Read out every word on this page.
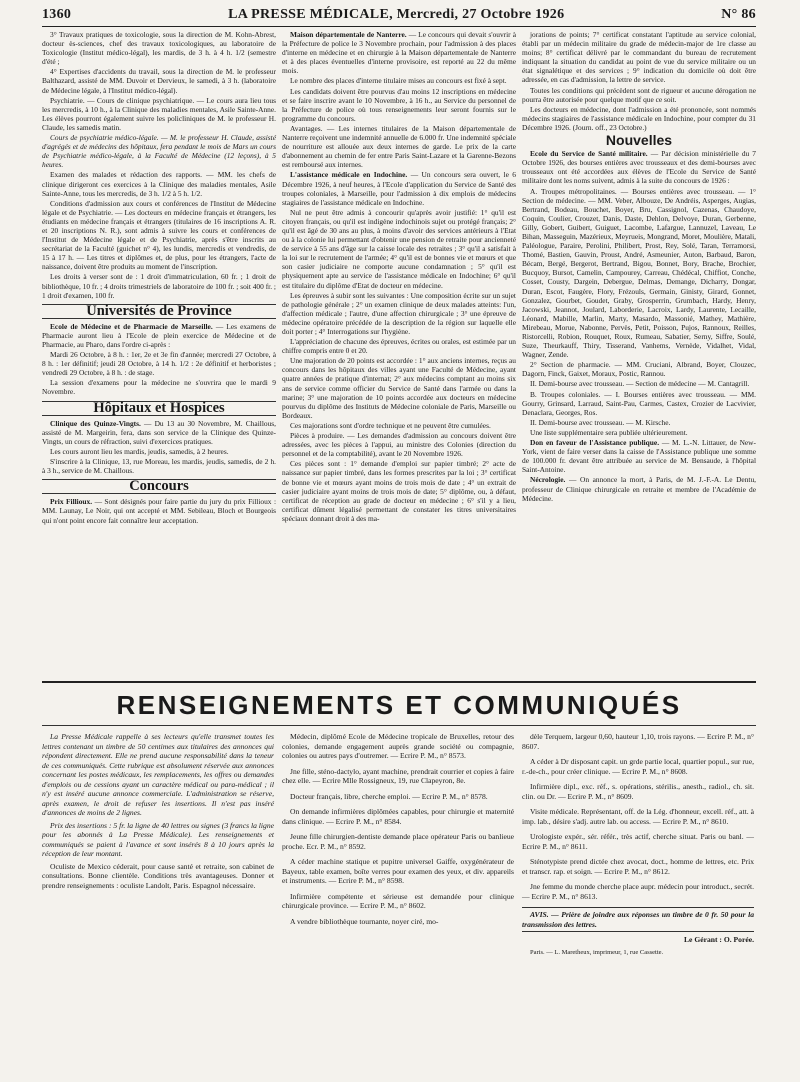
1360	LA PRESSE MÉDICALE, Mercredi, 27 Octobre 1926	N° 86

3° Travaux pratiques de toxicologie, sous la direction de M. Kohn-Abrest, docteur ès-sciences, chef des travaux toxicologiques, au laboratoire de Toxicologie (Institut médico-légal), les mardis, de 3 h. à 4 h. 1/2 (semestre d'été ;

4° Expertises d'accidents du travail, sous la direction de M. le professeur Balthazard, assisté de MM. Duvoir et Dervieux, le samedi, à 3 h. (laboratoire de Médecine légale, à l'Institut médico-légal).

Psychiatrie. — Cours de clinique psychiatrique. — Le cours aura lieu tous les mercredis, à 10 h., à la Clinique des maladies mentales, Asile Sainte-Anne. Les élèves pourront également suivre les policliniques de M. le professeur H. Claude, les samedis matin.

Cours de psychiatrie médico-légale. — M. le professeur H. Claude, assisté d'agrégés et de médecins des hôpitaux, fera pendant le mois de Mars un cours de Psychiatrie médico-légale, à la Faculté de Médecine (12 leçons), à 5 heures.

Examen des malades et rédaction des rapports. — MM. les chefs de clinique dirigeront ces exercices à la Clinique des maladies mentales, Asile Sainte-Anne, tous les mercredis, de 3 h. 1/2 à 5 h. 1/2.

Conditions d'admission aux cours et conférences de l'Institut de Médecine légale et de Psychiatrie. — Les docteurs en médecine français et étrangers, les étudiants en médecine français et étrangers (titulaires de 16 inscriptions A. R. et 20 inscriptions N. R.), sont admis à suivre les cours et conférences de l'Institut de Médecine légale et de Psychiatrie, après s'être inscrits au secrétariat de la Faculté (guichet n° 4), les lundis, mercredis et vendredis, de 15 à 17 h. — Les titres et diplômes et, de plus, pour les étrangers, l'acte de naissance, doivent être produits au moment de l'inscription.

Les droits à verser sont de : 1 droit d'immatriculation, 60 fr. ; 1 droit de bibliothèque, 10 fr. ; 4 droits trimestriels de laboratoire de 100 fr. ; soit 400 fr. ; 1 droit d'examen, 100 fr.

Universités de Province

Ecole de Médecine et de Pharmacie de Marseille. — Les examens de Pharmacie auront lieu à l'Ecole de plein exercice de Médecine et de Pharmacie, au Pharo, dans l'ordre ci-après :

Mardi 26 Octobre, à 8 h. : 1er, 2e et 3e fin d'année; mercredi 27 Octobre, à 8 h. : 1er définitif; jeudi 28 Octobre, à 14 h. 1/2 : 2e définitif et herboristes ; vendredi 29 Octobre, à 8 h. : de stage.

La session d'examens pour la médecine ne s'ouvrira que le mardi 9 Novembre.

Hôpitaux et Hospices

Clinique des Quinze-Vingts. — Du 13 au 30 Novembre, M. Chaillous, assisté de M. Margeirin, fera, dans son service de la Clinique des Quinze-Vingts, un cours de réfraction, suivi d'exercices pratiques.

Les cours auront lieu les mardis, jeudis, samedis, à 2 heures.

S'inscrire à la Clinique, 13, rue Moreau, les mardis, jeudis, samedis, de 2 h. à 3 h., service de M. Chaillous.

Concours

Prix Fillioux. — Sont désignés pour faire partie du jury du prix Fillioux : MM. Launay, Le Noir, qui ont accepté et MM. Sebileau, Bloch et Bourgeois qui n'ont point encore fait connaître leur acceptation.

Maison départementale de Nanterre. — Le concours qui devait s'ouvrir à la Préfecture de police le 3 Novembre prochain, pour l'admission à des places d'interne en médecine et en chirurgie à la Maison départementale de Nanterre et à des places éventuelles d'interne provisoire, est reporté au 22 du même mois.

Le nombre des places d'interne titulaire mises au concours est fixé à sept.

Les candidats doivent être pourvus d'au moins 12 inscriptions en médecine et se faire inscrire avant le 10 Novembre, à 16 h., au Service du personnel de la Préfecture de police où tous renseignements leur seront fournis sur le programme du concours.

Avantages. — Les internes titulaires de la Maison départementale de Nanterre reçoivent une indemnité annuelle de 6.000 fr. Une indemnité spéciale de nourriture est allouée aux deux internes de garde. Le prix de la carte d'abonnement au chemin de fer entre Paris Saint-Lazare et la Garenne-Bezons est remboursé aux internes.

L'assistance médicale en Indochine. — Un concours sera ouvert, le 6 Décembre 1926, à neuf heures, à l'Ecole d'application du Service de Santé des troupes coloniales, à Marseille, pour l'admission à dix emplois de médecins stagiaires de l'assistance médicale en Indochine.

Nul ne peut être admis à concourir qu'après avoir justifié: 1° qu'il est citoyen français, ou qu'il est indigène indochinois sujet ou protégé français; 2° qu'il est âgé de 30 ans au plus, à moins d'avoir des services antérieurs à l'Etat ou à la colonie lui permettant d'obtenir une pension de retraite pour ancienneté de service à 55 ans d'âge sur la caisse locale des retraites ; 3° qu'il a satisfait à la loi sur le recrutement de l'armée; 4° qu'il est de bonnes vie et mœurs et que son casier judiciaire ne comporte aucune condamnation ; 5° qu'il est physiquement apte au service de l'assistance médicale en Indochine; 6° qu'il est titulaire du diplôme d'Etat de docteur en médecine.

Les épreuves à subir sont les suivantes : Une composition écrite sur un sujet de pathologie générale ; 2° un examen clinique de deux malades atteints: l'un, d'affection médicale ; l'autre, d'une affection chirurgicale ; 3° une épreuve de médecine opératoire précédée de la description de la région sur laquelle elle doit porter ; 4° Interrogations sur l'hygiène.

L'appréciation de chacune des épreuves, écrites ou orales, est estimée par un chiffre compris entre 0 et 20.

Une majoration de 20 points est accordée : 1° aux anciens internes, reçus au concours dans les hôpitaux des villes ayant une Faculté de Médecine, ayant quatre années de pratique d'internat; 2° aux médecins comptant au moins six ans de service comme officier du Service de Santé dans l'armée ou dans la marine; 3° une majoration de 10 points accordée aux docteurs en médecine pourvus du diplôme des Instituts de Médecine coloniale de Paris, Marseille ou Bordeaux.

Ces majorations sont d'ordre technique et ne peuvent être cumulées.

Pièces à produire. — Les demandes d'admission au concours doivent être adressées, avec les pièces à l'appui, au ministre des Colonies (direction du personnel et de la comptabilité), avant le 20 Novembre 1926.

Ces pièces sont : 1° demande d'emploi sur papier timbré; 2° acte de naissance sur papier timbré, dans les formes prescrites par la loi ; 3° certificat de bonne vie et mœurs ayant moins de trois mois de date ; 4° un extrait de casier judiciaire ayant moins de trois mois de date; 5° diplôme, ou, à défaut, certificat de réception au grade de docteur en médecine ; 6° s'il y a lieu, certificat dûment légalisé permettant de constater les titres universitaires spéciaux donnant droit à des ma-

jorations de points; 7° certificat constatant l'aptitude au service colonial, établi par un médecin militaire du grade de médecin-major de 1re classe au moins; 8° certificat délivré par le commandant du bureau de recrutement indiquant la situation du candidat au point de vue du service militaire ou un état signalétique et des services ; 9° indication du domicile où doit être adressée, en cas d'admission, la lettre de service.

Toutes les conditions qui précèdent sont de rigueur et aucune dérogation ne pourra être autorisée pour quelque motif que ce soit.

Les docteurs en médecine, dont l'admission a été prononcée, sont nommés médecins stagiaires de l'assistance médicale en Indochine, pour compter du 31 Décembre 1926. (Journ. off., 23 Octobre.)

Nouvelles

Ecole du Service de Santé militaire. — Par décision ministérielle du 7 Octobre 1926, des bourses entières avec trousseaux et des demi-bourses avec trousseaux ont été accordées aux élèves de l'Ecole du Service de Santé militaire dont les noms suivent, admis à la suite du concours de 1926 :

A. Troupes métropolitaines. — Bourses entières avec trousseau. — 1° Section de médecine. — MM. Veber, Albouze, De Andréis, Asperges, Augias, Bertrand, Bodeau, Bouchet, Boyer, Bru, Cassignol, Cazenas, Chaudoye, Coquin, Coulier, Crouzet, Danis, Daste, Dehlon, Delvoye, Duran, Gerbenne, Gilly, Gobert, Guibert, Guiguet, Lacombe, Lafargue, Lannuzel, Laveau, Le Bihan, Masseguin, Mazérieux, Meyrueis, Mongrand, Moret, Moulière, Matali, Paléologue, Paraire, Perolini, Philibert, Prost, Rey, Solé, Taran, Terramorsi, Thomé, Bastien, Gauvin, Proust, André, Asmeunier, Auton, Barbaud, Baron, Bécam, Bergé, Bergerot, Bertrand, Bigou, Bonnet, Bory, Brache, Brochier, Bucquoy, Bursot, Camelin, Campourey, Carreau, Chédécal, Chiffiot, Conche, Cosset, Cousty, Dargein, Debergue, Delmas, Demange, Dicharry, Dongar, Duran, Escot, Faugère, Flory, Frézouls, Germain, Ginisty, Girard, Gonnet, Gonzalez, Gourbet, Goudet, Graby, Grosperrin, Grumbach, Hardy, Henry, Jacowski, Jeannot, Joulard, Laborderie, Lacroix, Lardy, Laurente, Lecaille, Léonard, Mabille, Marlin, Marty, Masardo, Massonié, Mathey, Mathière, Mirebeau, Morue, Nabonne, Pervès, Petit, Poisson, Pujos, Rannoux, Reilles, Ristorcelli, Robion, Rouquet, Roux, Rumeau, Sabatier, Serny, Siffre, Soulé, Suze, Theurkauff, Thiry, Tisserand, Vanhems, Vernède, Vidalhet, Vidal, Wagner, Zende.

2° Section de pharmacie. — MM. Cruciani, Albrand, Boyer, Clouzec, Dagorn, Finck, Gaixet, Moraux, Postic, Rannou.

II. Demi-bourse avec trousseau. — Section de médecine — M. Cantagrill.

B. Troupes coloniales. — I. Bourses entières avec trousseau. — MM. Gourry, Grinsard, Larraud, Saint-Pau, Carmes, Castex, Crozier de Lacvivier, Denaclara, Georges, Ros.

II. Demi-bourse avec trousseau. — M. Kirsche.

Une liste supplémentaire sera publiée ultérieurement.

Don en faveur de l'Assistance publique. — M. L.-N. Littauer, de New-York, vient de faire verser dans la caisse de l'Assistance publique une somme de 100.000 fr. devant être attribuée au service de M. Bensaude, à l'hôpital Saint-Antoine.

Nécrologie. — On annonce la mort, à Paris, de M. J.-F.-A. Le Dentu, professeur de Clinique chirurgicale en retraite et membre de l'Académie de Médecine.

RENSEIGNEMENTS ET COMMUNIQUÉS

La Presse Médicale rappelle à ses lecteurs qu'elle transmet toutes les lettres contenant un timbre de 50 centimes aux titulaires des annonces qui répondent directement. Elle ne prend aucune responsabilité dans la teneur de ces communiqués. Cette rubrique est absolument réservée aux annonces concernant les postes médicaux, les remplacements, les offres ou demandes d'emplois ou de cessions ayant un caractère médical ou para-médical ; il n'y est inséré aucune annonce commerciale. L'administration se réserve, après examen, le droit de refuser les insertions. Il n'est pas inséré d'annonces de moins de 2 lignes.

Prix des insertions : 5 fr. la ligne de 40 lettres ou signes (3 francs la ligne pour les abonnés à La Presse Médicale). Les renseignements et communiqués se paient à l'avance et sont insérés 8 à 10 jours après la réception de leur montant.

Oculiste de Mexico céderait, pour cause santé et retraite, son cabinet de consultations. Bonne clientèle. Conditions très avantageuses. Donner et prendre renseignements : oculiste Landolt, Paris. Espagnol nécessaire.

Médecin, diplômé Ecole de Médecine tropicale de Bruxelles, retour des colonies, demande engagement auprès grande société ou compagnie, colonies ou autres pays d'outremer. — Ecrire P. M., n° 8573.

Jne fille, sténo-dactylo, ayant machine, prendrait courrier et copies à faire chez elle. — Ecrire Mlle Rossigneux, 19, rue Clapeyron, 8e.

Docteur français, libre, cherche emploi. — Ecrire P. M., n° 8578.

On demande infirmières diplômées capables, pour chirurgie et maternité dans clinique. — Ecrire P. M., n° 8584.

Jeune fille chirurgien-dentiste demande place opérateur Paris ou banlieue proche. Ecr. P. M., n° 8592.

A céder machine statique et pupitre universel Gaiffe, oxygénérateur de Bayeux, table examen, boîte verres pour examen des yeux, et div. appareils et instruments. — Ecrire P. M., n° 8598.

Infirmière compétente et sérieuse est demandée pour clinique chirurgicale province. — Ecrire P. M., n° 8602.

A vendre bibliothèque tournante, noyer ciré, mo-

dèle Terquem, largeur 0,60, hauteur 1,10, trois rayons. — Ecrire P. M., n° 8607.

A céder à Dr disposant capit. un grde partie local, quartier popul., sur rue, r.-de-ch., pour créer clinique. — Ecrire P. M., n° 8608.

Infirmière dipl., exc. réf., s. opérations, stérilis., anesth., radiol., ch. sit. clin. ou Dr. — Ecrire P. M., n° 8609.

Visite médicale. Représentant, off. de la Lég. d'honneur, excell. réf., att. à imp. lab., désire s'adj. autre lab. ou access. — Ecrire P. M., n° 8610.

Urologiste expér., sér. référ., très actif, cherche situat. Paris ou banl. — Ecrire P. M., n° 8611.

Sténotypiste prend dictée chez avocat, doct., homme de lettres, etc. Prix et transcr. rap. et soign. — Ecrire P. M., n° 8612.

Jne femme du monde cherche place aupr. médecin pour introduct., secrét. — Ecrire P. M., n° 8613.

AVIS. — Prière de joindre aux réponses un timbre de 0 fr. 50 pour la transmission des lettres.

Le Gérant : O. Porée.

Paris. — L. Maretheux, imprimeur, 1, rue Cassette.
